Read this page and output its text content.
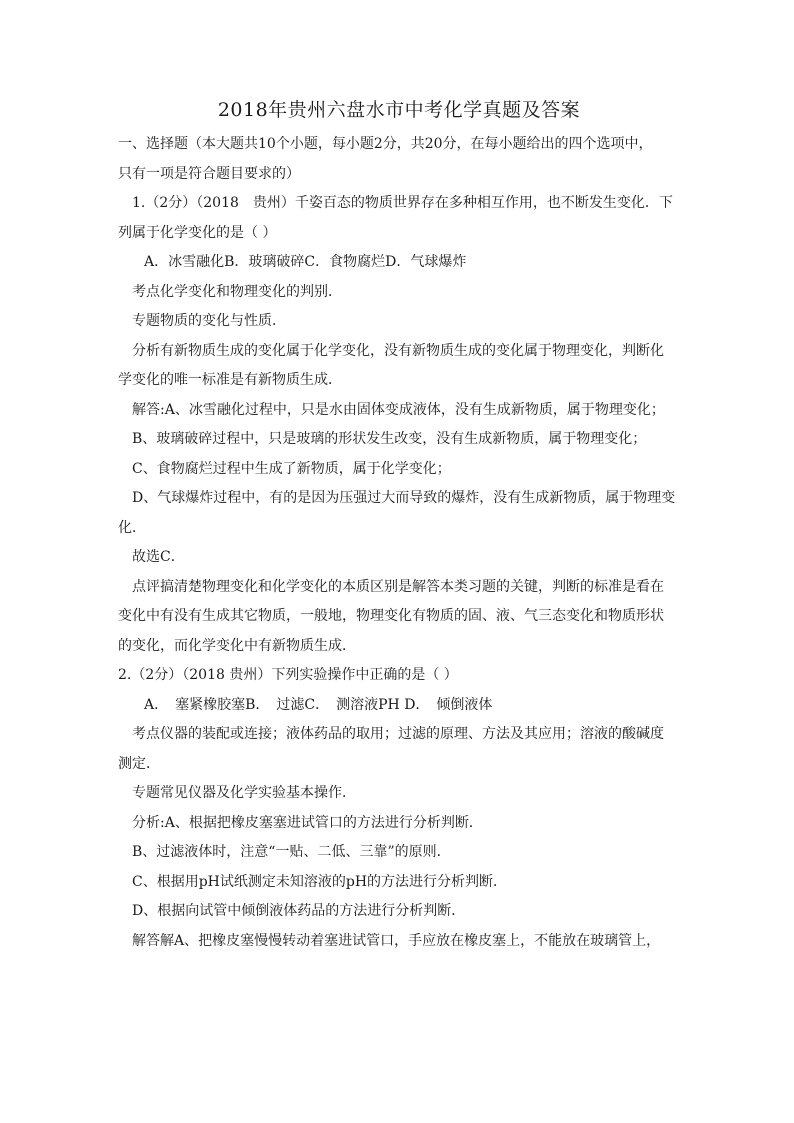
2018年贵州六盘水市中考化学真题及答案
一、选择题（本大题共10个小题，每小题2分，共20分，在每小题给出的四个选项中，
只有一项是符合题目要求的）
1.（2分）（2018　贵州）千姿百态的物质世界存在多种相互作用，也不断发生变化．下
列属于化学变化的是（ ）
A．冰雪融化B．玻璃破碎C．食物腐烂D．气球爆炸
考点化学变化和物理变化的判别．
专题物质的变化与性质．
分析有新物质生成的变化属于化学变化，没有新物质生成的变化属于物理变化，判断化
学变化的唯一标准是有新物质生成．
解答:A、冰雪融化过程中，只是水由固体变成液体，没有生成新物质，属于物理变化；
B、玻璃破碎过程中，只是玻璃的形状发生改变，没有生成新物质，属于物理变化；
C、食物腐烂过程中生成了新物质，属于化学变化；
D、气球爆炸过程中，有的是因为压强过大而导致的爆炸，没有生成新物质，属于物理变
化．
故选C．
点评搞清楚物理变化和化学变化的本质区别是解答本类习题的关键，判断的标准是看在
变化中有没有生成其它物质，一般地，物理变化有物质的固、液、气三态变化和物质形状
的变化，而化学变化中有新物质生成．
2.（2分）（2018 贵州）下列实验操作中正确的是（ ）
A．　塞紧橡胶塞B．　过滤C．　测溶液PH D．　倾倒液体
考点仪器的装配或连接；液体药品的取用；过滤的原理、方法及其应用；溶液的酸碱度
测定．
专题常见仪器及化学实验基本操作．
分析:A、根据把橡皮塞塞进试管口的方法进行分析判断．
B、过滤液体时，注意“一贴、二低、三靠”的原则．
C、根据用pH试纸测定未知溶液的pH的方法进行分析判断．
D、根据向试管中倾倒液体药品的方法进行分析判断．
解答解A、把橡皮塞慢慢转动着塞进试管口，手应放在橡皮塞上，不能放在玻璃管上，
